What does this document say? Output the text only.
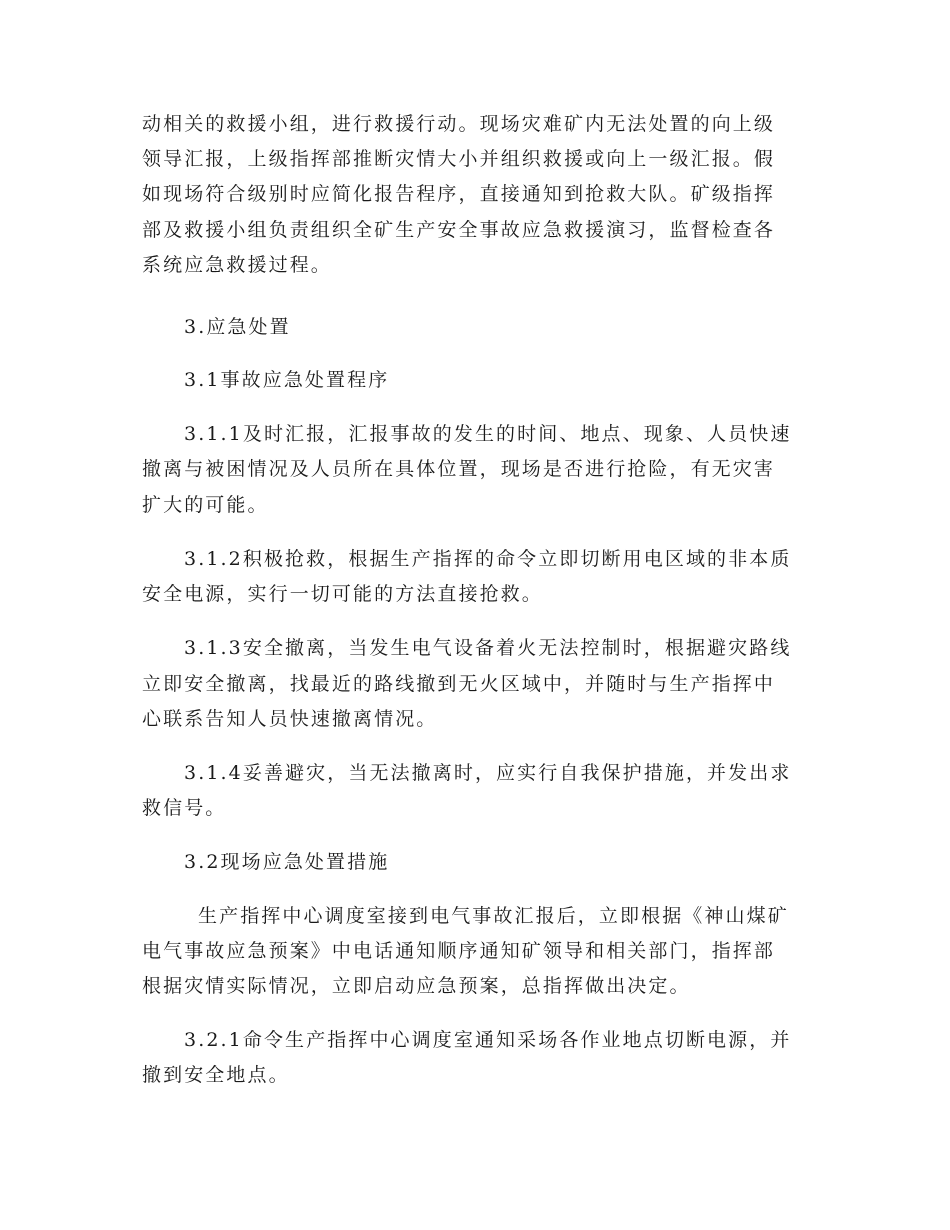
动相关的救援小组，进行救援行动。现场灾难矿内无法处置的向上级
领导汇报，上级指挥部推断灾情大小并组织救援或向上一级汇报。假
如现场符合级别时应简化报告程序，直接通知到抢救大队。矿级指挥
部及救援小组负责组织全矿生产安全事故应急救援演习，监督检查各
系统应急救援过程。
3.应急处置
3.1事故应急处置程序
3.1.1及时汇报，汇报事故的发生的时间、地点、现象、人员快速
撤离与被困情况及人员所在具体位置，现场是否进行抢险，有无灾害
扩大的可能。
3.1.2积极抢救，根据生产指挥的命令立即切断用电区域的非本质
安全电源，实行一切可能的方法直接抢救。
3.1.3安全撤离，当发生电气设备着火无法控制时，根据避灾路线
立即安全撤离，找最近的路线撤到无火区域中，并随时与生产指挥中
心联系告知人员快速撤离情况。
3.1.4妥善避灾，当无法撤离时，应实行自我保护措施，并发出求
救信号。
3.2现场应急处置措施
生产指挥中心调度室接到电气事故汇报后，立即根据《神山煤矿
电气事故应急预案》中电话通知顺序通知矿领导和相关部门，指挥部
根据灾情实际情况，立即启动应急预案，总指挥做出决定。
3.2.1命令生产指挥中心调度室通知采场各作业地点切断电源，并
撤到安全地点。
